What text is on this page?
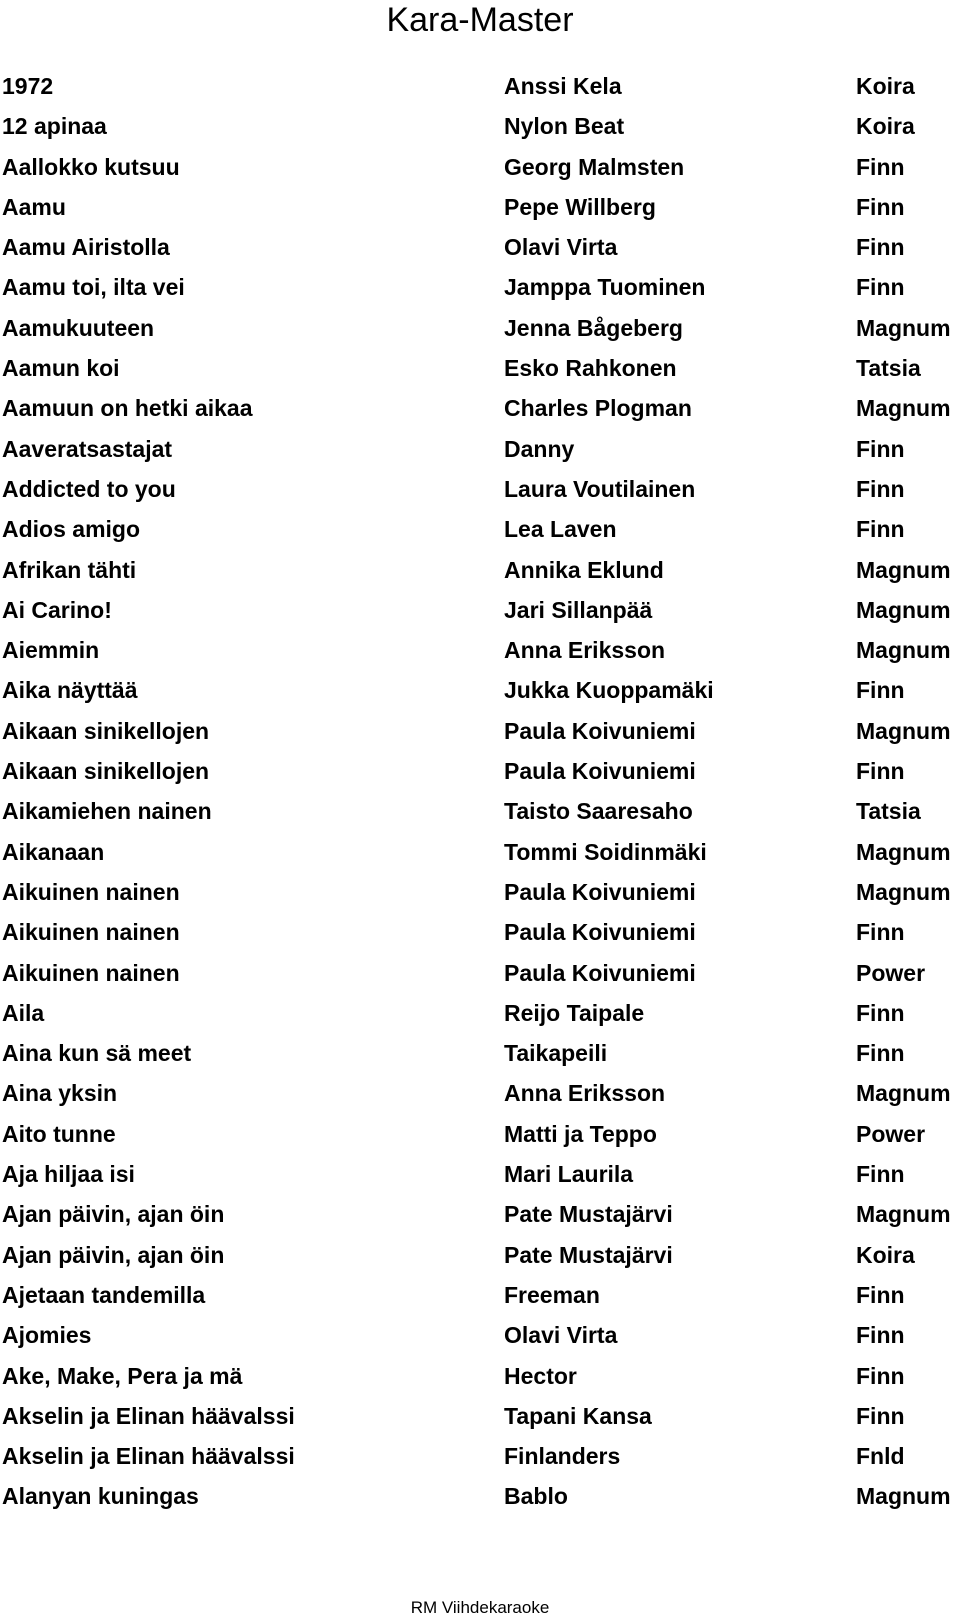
Kara-Master
1972	Anssi Kela	Koira
12 apinaa	Nylon Beat	Koira
Aallokko kutsuu	Georg Malmsten	Finn
Aamu	Pepe Willberg	Finn
Aamu Airistolla	Olavi Virta	Finn
Aamu toi, ilta vei	Jamppa Tuominen	Finn
Aamukuuteen	Jenna Bågeberg	Magnum
Aamun koi	Esko Rahkonen	Tatsia
Aamuun on hetki aikaa	Charles Plogman	Magnum
Aaveratsastajat	Danny	Finn
Addicted to you	Laura Voutilainen	Finn
Adios amigo	Lea Laven	Finn
Afrikan tähti	Annika Eklund	Magnum
Ai Carino!	Jari Sillanpää	Magnum
Aiemmin	Anna Eriksson	Magnum
Aika näyttää	Jukka Kuoppamäki	Finn
Aikaan sinikellojen	Paula Koivuniemi	Magnum
Aikaan sinikellojen	Paula Koivuniemi	Finn
Aikamiehen nainen	Taisto Saaresaho	Tatsia
Aikanaan	Tommi Soidinmäki	Magnum
Aikuinen nainen	Paula Koivuniemi	Magnum
Aikuinen nainen	Paula Koivuniemi	Finn
Aikuinen nainen	Paula Koivuniemi	Power
Aila	Reijo Taipale	Finn
Aina kun sä meet	Taikapeili	Finn
Aina yksin	Anna Eriksson	Magnum
Aito tunne	Matti ja Teppo	Power
Aja hiljaa isi	Mari Laurila	Finn
Ajan päivin, ajan öin	Pate Mustajärvi	Magnum
Ajan päivin, ajan öin	Pate Mustajärvi	Koira
Ajetaan tandemilla	Freeman	Finn
Ajomies	Olavi Virta	Finn
Ake, Make, Pera ja mä	Hector	Finn
Akselin ja Elinan häävalssi	Tapani Kansa	Finn
Akselin ja Elinan häävalssi	Finlanders	Fnld
Alanyan kuningas	Bablo	Magnum
RM Viihdekaraoke
